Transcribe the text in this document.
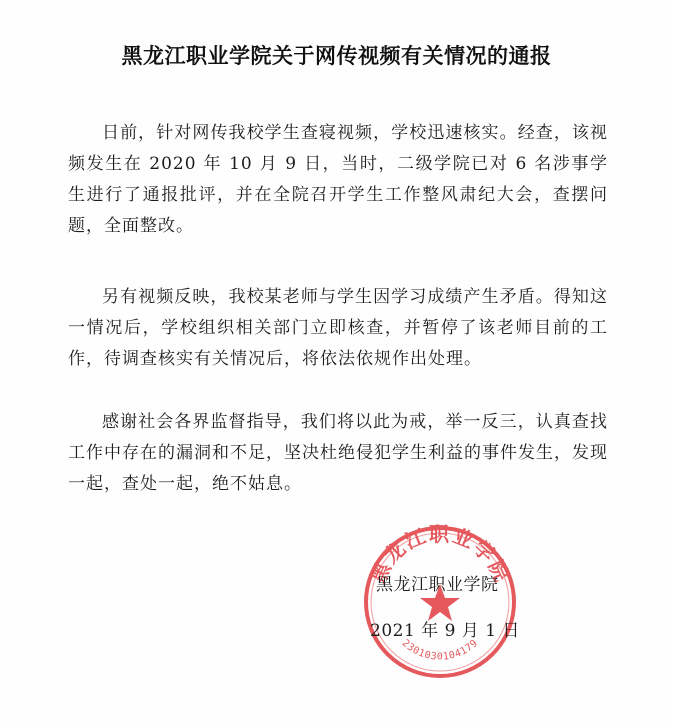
黑龙江职业学院关于网传视频有关情况的通报

日前，针对网传我校学生查寝视频，学校迅速核实。经查，该视频发生在 2020 年 10 月 9 日，当时，二级学院已对 6 名涉事学生进行了通报批评，并在全院召开学生工作整风肃纪大会，查摆问题，全面整改。

另有视频反映，我校某老师与学生因学习成绩产生矛盾。得知这一情况后，学校组织相关部门立即核查，并暂停了该老师目前的工作，待调查核实有关情况后，将依法依规作出处理。

感谢社会各界监督指导，我们将以此为戒，举一反三，认真查找工作中存在的漏洞和不足，坚决杜绝侵犯学生利益的事件发生，发现一起，查处一起，绝不姑息。

黑龙江职业学院
2301030104179
黑龙江职业学院
2021 年 9 月 1 日
